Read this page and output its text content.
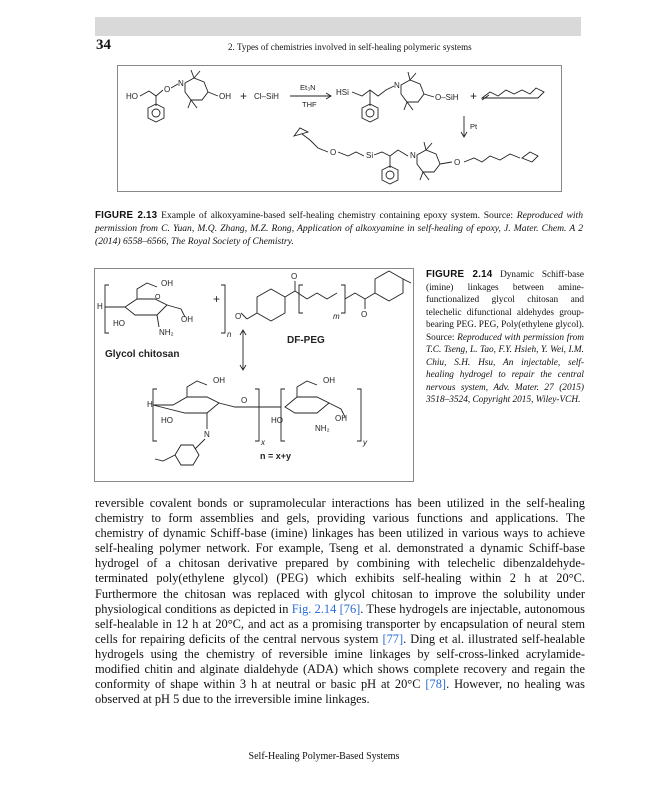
34	2. Types of chemistries involved in self-healing polymeric systems
HO
O
N
OH + Cl–SiH
Et₃N
THF
HSi
N
O–SiH +
Pt
O	Si	N
O
FIGURE 2.13 Example of alkoxyamine-based self-healing chemistry containing epoxy system. Source: Reproduced with permission from C. Yuan, M.Q. Zhang, M.Z. Rong, Application of alkoxyamine in self-healing of epoxy, J. Mater. Chem. A 2 (2014) 6558–6566, The Royal Society of Chemistry.
H
OH
O
HO	OH
NH₂	n
Glycol chitosan
+
O
O
m	O
DF-PEG
H
OH
HO
N
x
O
OH
HO	OH
NH₂
y
n = x+y
FIGURE 2.14 Dynamic Schiff-base (imine) linkages between amine-functionalized glycol chitosan and telechelic difunctional aldehydes group-bearing PEG. PEG, Poly(ethylene glycol). Source: Reproduced with permission from T.C. Tseng, L. Tao, F.Y. Hsieh, Y. Wei, I.M. Chiu, S.H. Hsu, An injectable, self-healing hydrogel to repair the central nervous system, Adv. Mater. 27 (2015) 3518–3524, Copyright 2015, Wiley-VCH.
reversible covalent bonds or supramolecular interactions has been utilized in the self-healing chemistry to form assemblies and gels, providing various functions and applications. The chemistry of dynamic Schiff-base (imine) linkages has been utilized in various ways to achieve self-healing polymer network. For example, Tseng et al. demonstrated a dynamic Schiff-base hydrogel of a chitosan derivative prepared by combining with telechelic dibenzaldehyde-terminated poly(ethylene glycol) (PEG) which exhibits self-healing within 2 h at 20°C. Furthermore the chitosan was replaced with glycol chitosan to improve the solubility under physiological conditions as depicted in Fig. 2.14 [76]. These hydrogels are injectable, autonomous self-healable in 12 h at 20°C, and act as a promising transporter by encapsulation of neural stem cells for repairing deficits of the central nervous system [77]. Ding et al. illustrated self-healable hydrogels using the chemistry of reversible imine linkages by self-cross-linked acrylamide-modified chitin and alginate dialdehyde (ADA) which shows complete recovery and regain the conformity of shape within 3 h at neutral or basic pH at 20°C [78]. However, no healing was observed at pH 5 due to the irreversible imine linkages.
Self-Healing Polymer-Based Systems
